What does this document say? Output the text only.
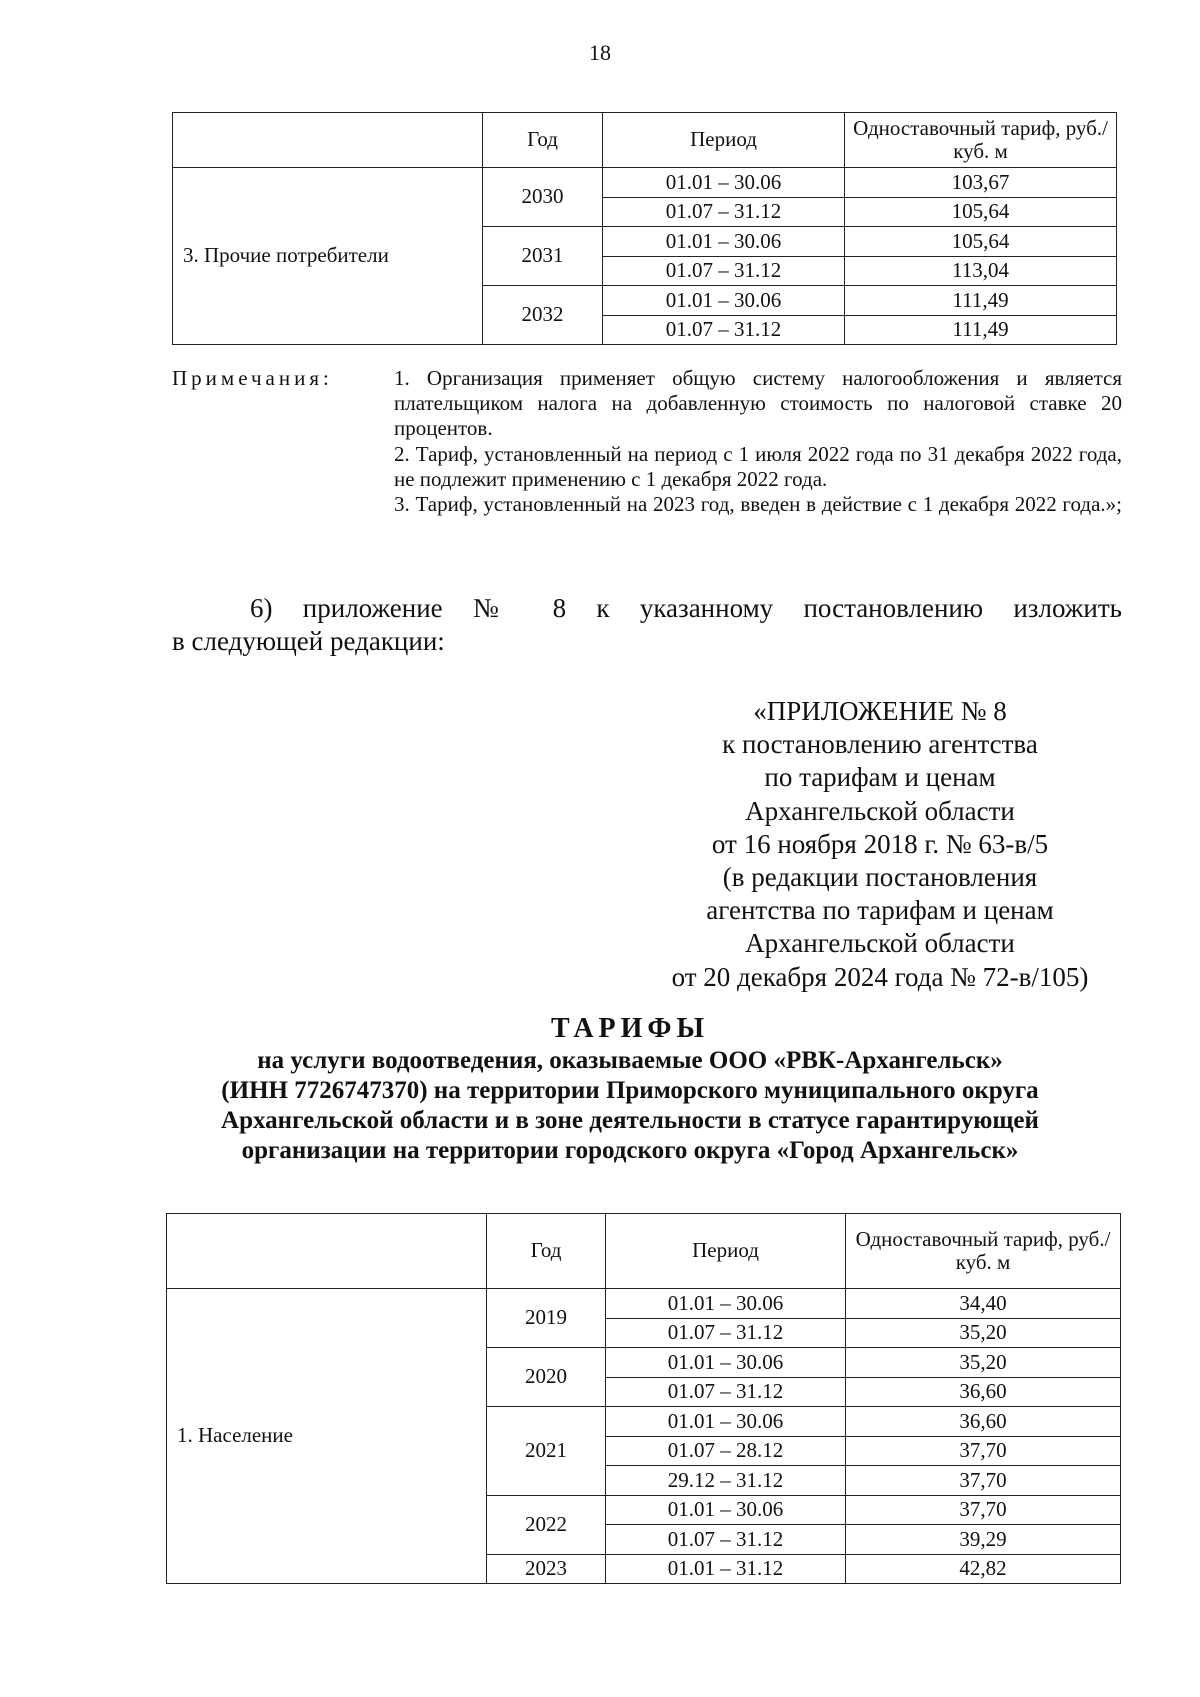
18
	Год	Период	Одноставочный тариф, руб./куб. м
3. Прочие потребители	2030	01.01 – 30.06	103,67
		01.07 – 31.12	105,64
	2031	01.01 – 30.06	105,64
		01.07 – 31.12	113,04
	2032	01.01 – 30.06	111,49
		01.07 – 31.12	111,49
Примечания:	1. Организация применяет общую систему налогообложения и является плательщиком налога на добавленную стоимость по налоговой ставке 20 процентов.

2. Тариф, установленный на период с 1 июля 2022 года по 31 декабря 2022 года, не подлежит применению с 1 декабря 2022 года.

3. Тариф, установленный на 2023 год, введен в действие с 1 декабря 2022 года.»;

6) приложение № 8 к указанному постановлению изложить
в следующей редакции:
«ПРИЛОЖЕНИЕ № 8
к постановлению агентства
по тарифам и ценам
Архангельской области
от 16 ноября 2018 г. № 63-в/5
(в редакции постановления
агентства по тарифам и ценам
Архангельской области
от 20 декабря 2024 года № 72-в/105)
ТАРИФЫ
на услуги водоотведения, оказываемые ООО «РВК-Архангельск»
(ИНН 7726747370) на территории Приморского муниципального округа
Архангельской области и в зоне деятельности в статусе гарантирующей
организации на территории городского округа «Город Архангельск»
	Год	Период	Одноставочный тариф, руб./куб. м
1. Население	2019	01.01 – 30.06	34,40
		01.07 – 31.12	35,20
	2020	01.01 – 30.06	35,20
		01.07 – 31.12	36,60
	2021	01.01 – 30.06	36,60
		01.07 – 28.12	37,70
		29.12 – 31.12	37,70
	2022	01.01 – 30.06	37,70
		01.07 – 31.12	39,29
	2023	01.01 – 31.12	42,82
